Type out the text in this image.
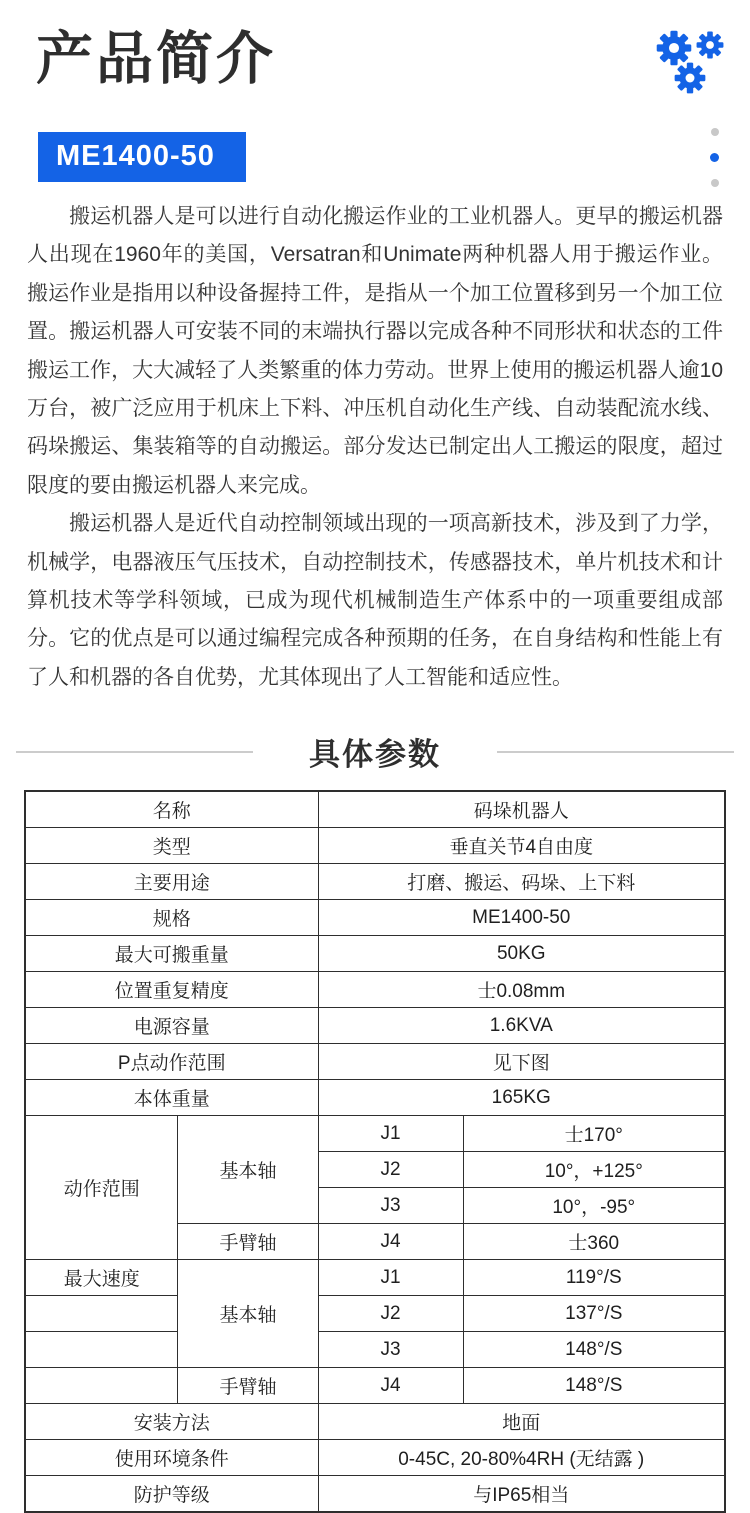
产品简介
ME1400-50

搬运机器人是可以进行自动化搬运作业的工业机器人。更早的搬运机器人出现在1960年的美国，Versatran和Unimate两种机器人用于搬运作业。搬运作业是指用以种设备握持工件，是指从一个加工位置移到另一个加工位置。搬运机器人可安装不同的末端执行器以完成各种不同形状和状态的工件搬运工作，大大减轻了人类繁重的体力劳动。世界上使用的搬运机器人逾10万台，被广泛应用于机床上下料、冲压机自动化生产线、自动装配流水线、码垛搬运、集装箱等的自动搬运。部分发达已制定出人工搬运的限度，超过限度的要由搬运机器人来完成。

搬运机器人是近代自动控制领域出现的一项高新技术，涉及到了力学，机械学，电器液压气压技术，自动控制技术，传感器技术，单片机技术和计算机技术等学科领域，已成为现代机械制造生产体系中的一项重要组成部分。它的优点是可以通过编程完成各种预期的任务，在自身结构和性能上有了人和机器的各自优势，尤其体现出了人工智能和适应性。

具体参数
名称		码垛机器人	
类型		垂直关节4自由度	
主要用途		打磨、搬运、码垛、上下料	
规格		ME1400-50	
最大可搬重量		50KG	
位置重复精度		士0.08mm	
电源容量		1.6KVA	
P点动作范围		见下图	
本体重量		165KG	
动作范围	基本轴	J1	士170°
		J2	10°，+125°
		J3	10°，-95°
	手臂轴	J4	士360
最大速度	基本轴	J1	119°/S
		J2	137°/S
		J3	148°/S
	手臂轴	J4	148°/S
安装方法		地面	
使用环境条件		0-45C, 20-80%4RH (无结露 )	
防护等级		与IP65相当	
